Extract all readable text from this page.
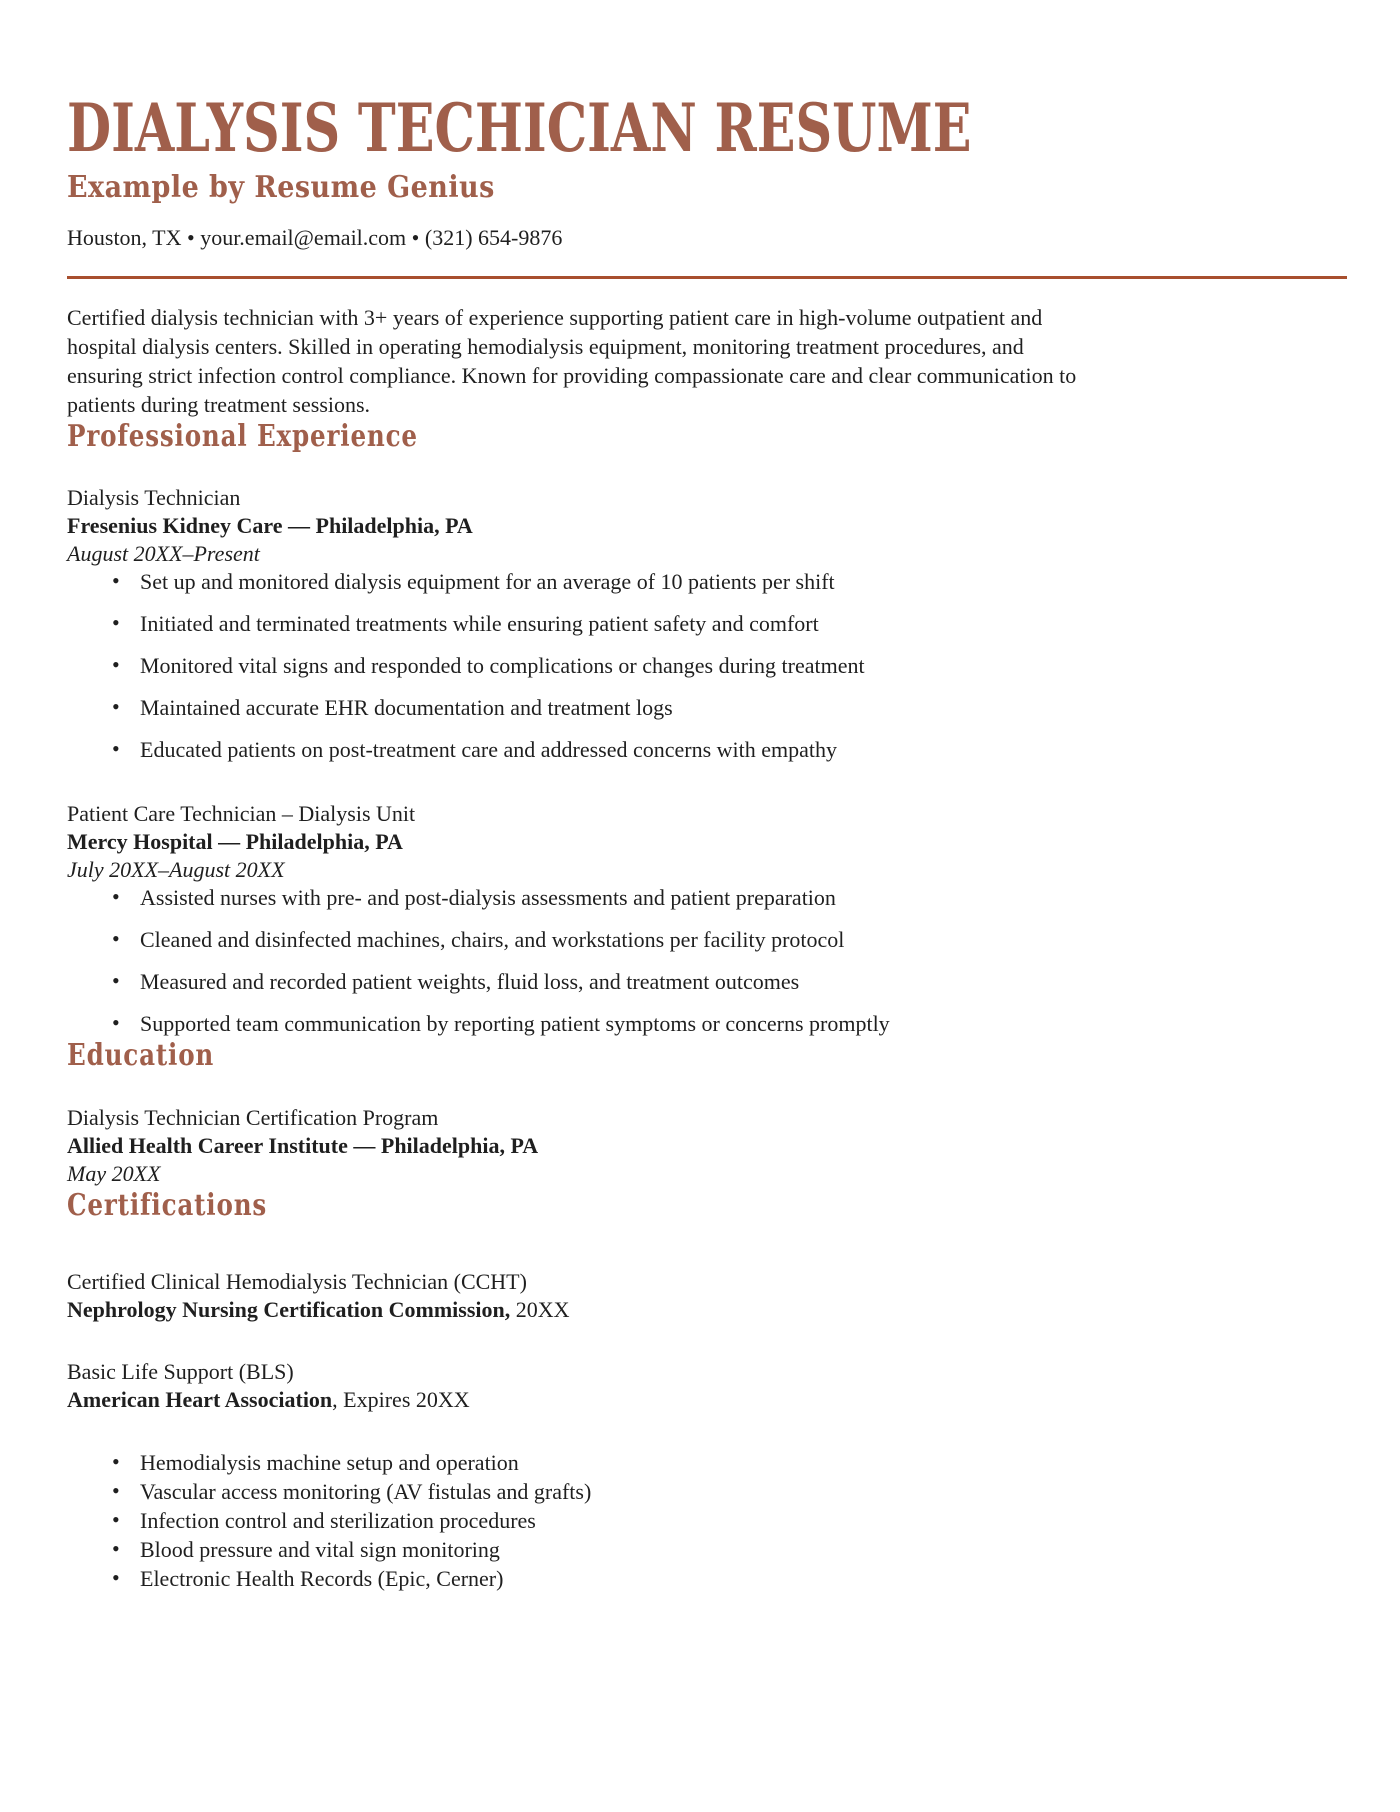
DIALYSIS TECHICIAN RESUME
Example by Resume Genius
Houston, TX • your.email@email.com • (321) 654-9876
Certified dialysis technician with 3+ years of experience supporting patient care in high-volume outpatient and
hospital dialysis centers. Skilled in operating hemodialysis equipment, monitoring treatment procedures, and
ensuring strict infection control compliance. Known for providing compassionate care and clear communication to
patients during treatment sessions.
Professional Experience
Dialysis Technician
Fresenius Kidney Care — Philadelphia, PA
August 20XX–Present
• Set up and monitored dialysis equipment for an average of 10 patients per shift
• Initiated and terminated treatments while ensuring patient safety and comfort
• Monitored vital signs and responded to complications or changes during treatment
• Maintained accurate EHR documentation and treatment logs
• Educated patients on post-treatment care and addressed concerns with empathy
Patient Care Technician – Dialysis Unit
Mercy Hospital — Philadelphia, PA
July 20XX–August 20XX
• Assisted nurses with pre- and post-dialysis assessments and patient preparation
• Cleaned and disinfected machines, chairs, and workstations per facility protocol
• Measured and recorded patient weights, fluid loss, and treatment outcomes
• Supported team communication by reporting patient symptoms or concerns promptly
Education
Dialysis Technician Certification Program
Allied Health Career Institute — Philadelphia, PA
May 20XX
Certifications
Certified Clinical Hemodialysis Technician (CCHT)
Nephrology Nursing Certification Commission, 20XX
Basic Life Support (BLS)
American Heart Association, Expires 20XX
• Hemodialysis machine setup and operation
• Vascular access monitoring (AV fistulas and grafts)
• Infection control and sterilization procedures
• Blood pressure and vital sign monitoring
• Electronic Health Records (Epic, Cerner)
